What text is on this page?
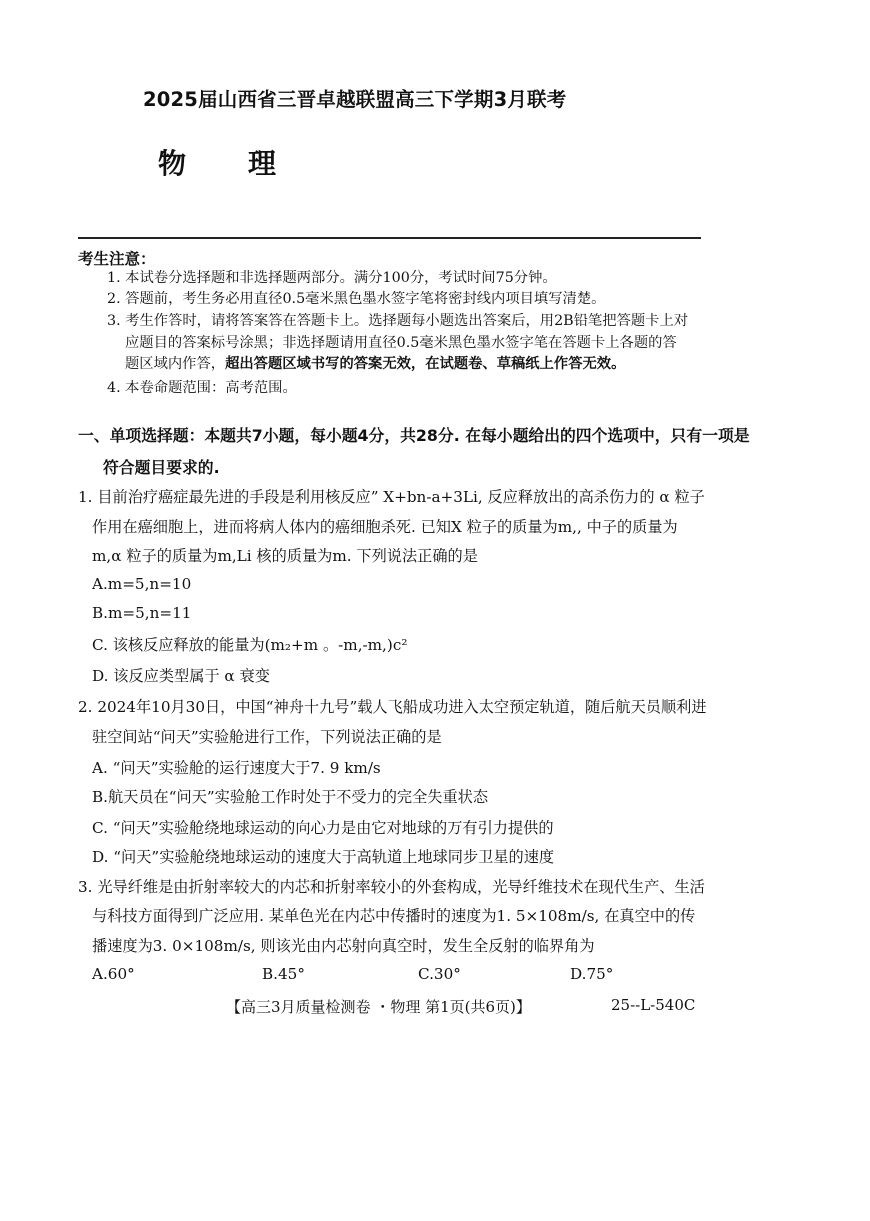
2025届山西省三晋卓越联盟高三下学期3月联考
物理
考生注意：
1. 本试卷分选择题和非选择题两部分。满分100分，考试时间75分钟。
2. 答题前，考生务必用直径0.5毫米黑色墨水签字笔将密封线内项目填写清楚。
3. 考生作答时，请将答案答在答题卡上。选择题每小题选出答案后，用2B铅笔把答题卡上对
应题目的答案标号涂黑；非选择题请用直径0.5毫米黑色墨水签字笔在答题卡上各题的答
题区域内作答，超出答题区域书写的答案无效，在试题卷、草稿纸上作答无效。
4. 本卷命题范围：高考范围。
一、单项选择题：本题共7小题，每小题4分，共28分. 在每小题给出的四个选项中，只有一项是
符合题目要求的.
1. 目前治疗癌症最先进的手段是利用核反应” X+bn-a+3Li, 反应释放出的高杀伤力的 α 粒子
作用在癌细胞上，进而将病人体内的癌细胞杀死. 已知X 粒子的质量为m,, 中子的质量为
m,α 粒子的质量为m,Li 核的质量为m. 下列说法正确的是
A.m=5,n=10
B.m=5,n=11
C. 该核反应释放的能量为(m₂+m 。-m,-m,)c²
D. 该反应类型属于 α 衰变
2. 2024年10月30日，中国“神舟十九号”载人飞船成功进入太空预定轨道，随后航天员顺利进
驻空间站“问天”实验舱进行工作，下列说法正确的是
A. “问天”实验舱的运行速度大于7. 9 km/s
B.航天员在“问天”实验舱工作时处于不受力的完全失重状态
C. “问天”实验舱绕地球运动的向心力是由它对地球的万有引力提供的
D. “问天”实验舱绕地球运动的速度大于高轨道上地球同步卫星的速度
3. 光导纤维是由折射率较大的内芯和折射率较小的外套构成，光导纤维技术在现代生产、生活
与科技方面得到广泛应用. 某单色光在内芯中传播时的速度为1. 5×108m/s, 在真空中的传
播速度为3. 0×108m/s, 则该光由内芯射向真空时，发生全反射的临界角为
A.60°	B.45°	C.30°	D.75°
【高三3月质量检测卷 ・物理 第1页(共6页)】	25--L-540C
